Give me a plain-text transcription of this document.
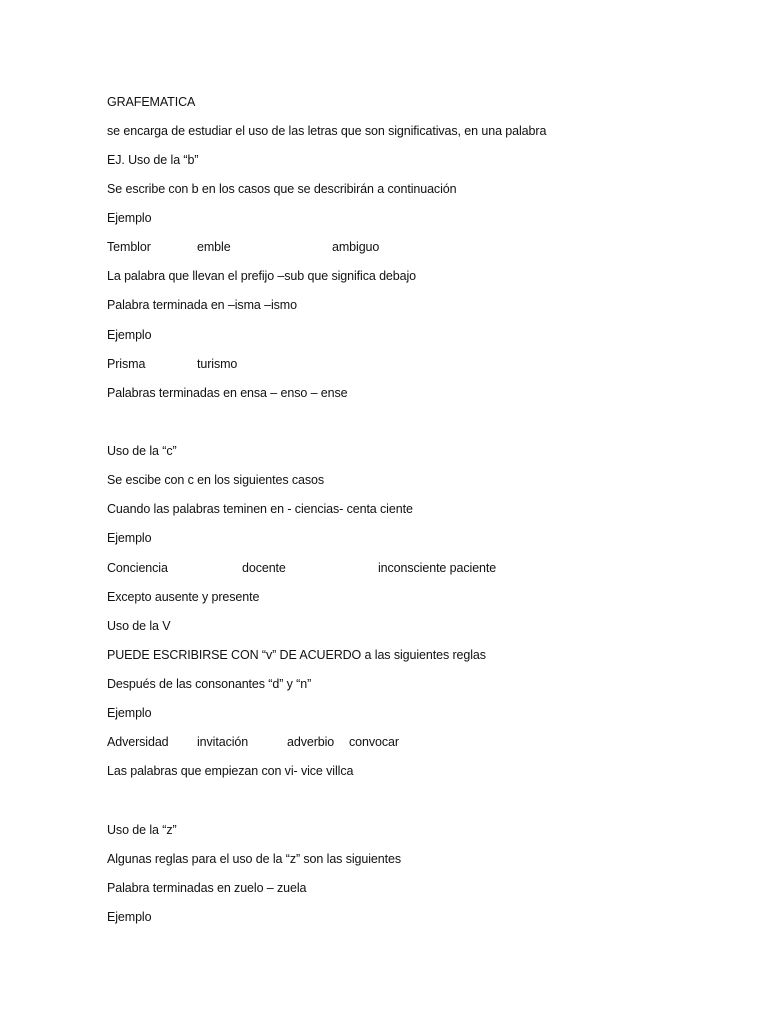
GRAFEMATICA
se encarga de estudiar el uso de las letras que son significativas, en una palabra
EJ. Uso de la “b”
Se escribe con b en los casos que se describirán a continuación
Ejemplo
Temblor	emble	ambiguo
La palabra que llevan el prefijo –sub que significa debajo
Palabra terminada en –isma –ismo
Ejemplo
Prisma	turismo
Palabras terminadas en ensa – enso – ense
Uso de la “c”
Se escibe con c en los siguientes casos
Cuando las palabras teminen en - ciencias- centa ciente
Ejemplo
Conciencia	docente	inconsciente paciente
Excepto ausente y presente
Uso de la V
PUEDE ESCRIBIRSE CON “v” DE ACUERDO a las siguientes reglas
Después de las consonantes “d” y “n”
Ejemplo
Adversidad invitación	adverbio convocar
Las palabras que empiezan con vi- vice villca
Uso de la “z”
Algunas reglas para el uso de la “z” son las siguientes
Palabra terminadas en zuelo – zuela
Ejemplo
